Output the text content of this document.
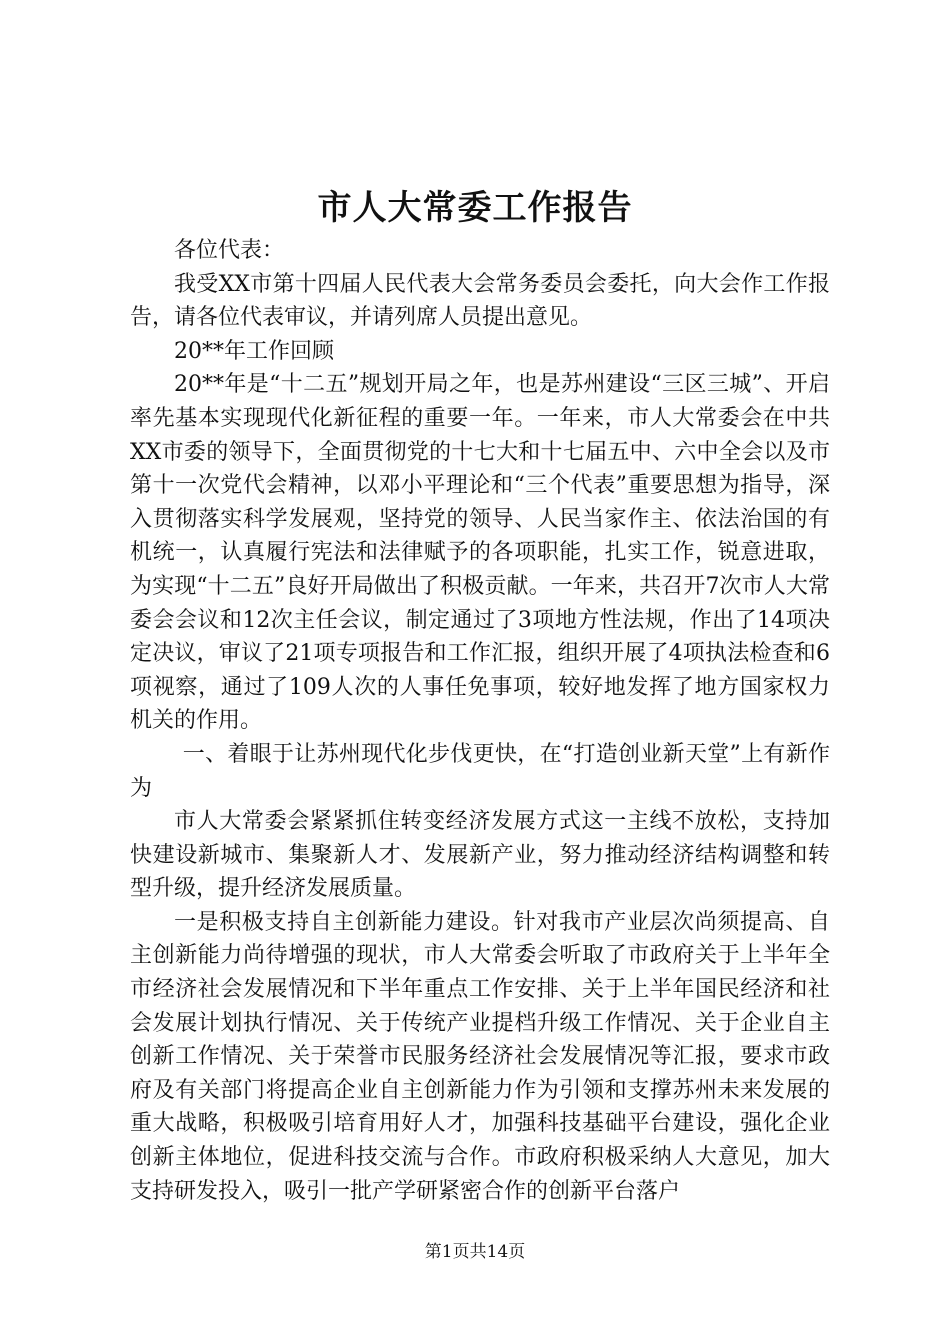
市人大常委工作报告

各位代表：

我受XX市第十四届人民代表大会常务委员会委托，向大会作工作报告，请各位代表审议，并请列席人员提出意见。

20**年工作回顾

20**年是“十二五”规划开局之年，也是苏州建设“三区三城”、开启率先基本实现现代化新征程的重要一年。一年来，市人大常委会在中共XX市委的领导下，全面贯彻党的十七大和十七届五中、六中全会以及市第十一次党代会精神，以邓小平理论和“三个代表”重要思想为指导，深入贯彻落实科学发展观，坚持党的领导、人民当家作主、依法治国的有机统一，认真履行宪法和法律赋予的各项职能，扎实工作，锐意进取，为实现“十二五”良好开局做出了积极贡献。一年来，共召开7次市人大常委会会议和12次主任会议，制定通过了3项地方性法规，作出了14项决定决议，审议了21项专项报告和工作汇报，组织开展了4项执法检查和6项视察，通过了109人次的人事任免事项，较好地发挥了地方国家权力机关的作用。

一、着眼于让苏州现代化步伐更快，在“打造创业新天堂”上有新作为

市人大常委会紧紧抓住转变经济发展方式这一主线不放松，支持加快建设新城市、集聚新人才、发展新产业，努力推动经济结构调整和转型升级，提升经济发展质量。

一是积极支持自主创新能力建设。针对我市产业层次尚须提高、自主创新能力尚待增强的现状，市人大常委会听取了市政府关于上半年全市经济社会发展情况和下半年重点工作安排、关于上半年国民经济和社会发展计划执行情况、关于传统产业提档升级工作情况、关于企业自主创新工作情况、关于荣誉市民服务经济社会发展情况等汇报，要求市政府及有关部门将提高企业自主创新能力作为引领和支撑苏州未来发展的重大战略，积极吸引培育用好人才，加强科技基础平台建设，强化企业创新主体地位，促进科技交流与合作。市政府积极采纳人大意见，加大支持研发投入，吸引一批产学研紧密合作的创新平台落户

第1页共14页
